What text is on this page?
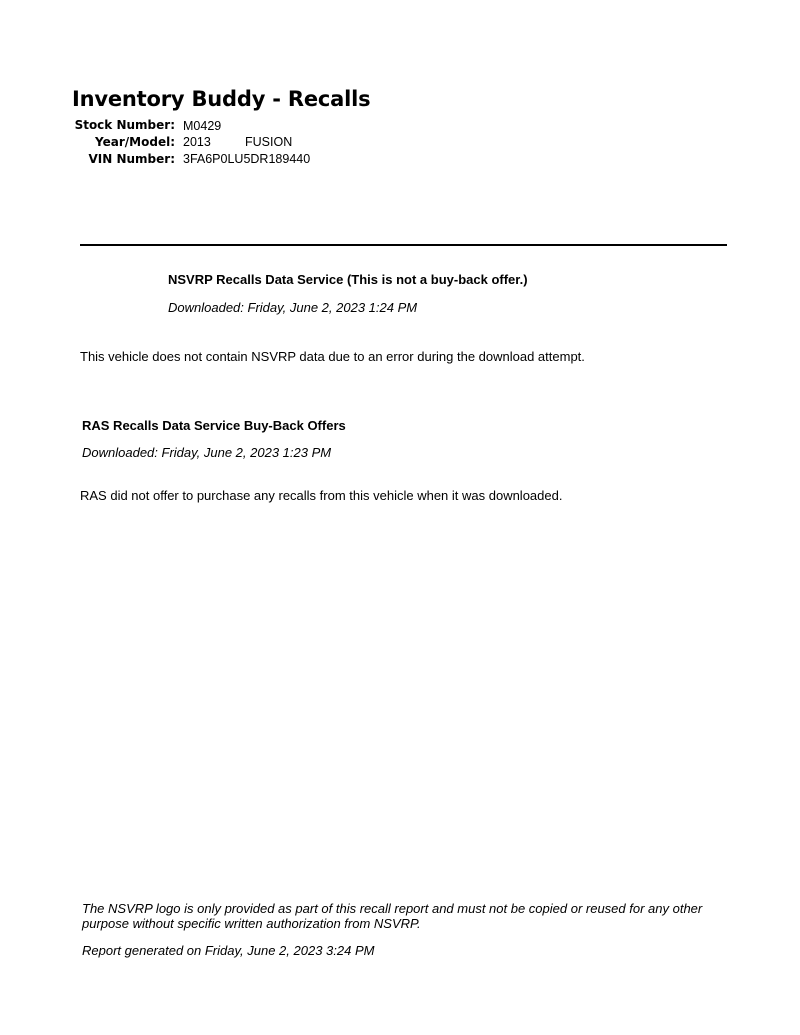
Inventory Buddy - Recalls
Stock Number: M0429
Year/Model: 2013	FUSION
VIN Number: 3FA6P0LU5DR189440
NSVRP Recalls Data Service (This is not a buy-back offer.)
Downloaded: Friday, June 2, 2023 1:24 PM
This vehicle does not contain NSVRP data due to an error during the download attempt.
RAS Recalls Data Service Buy-Back Offers
Downloaded: Friday, June 2, 2023 1:23 PM
RAS did not offer to purchase any recalls from this vehicle when it was downloaded.
The NSVRP logo is only provided as part of this recall report and must not be copied or reused for any other purpose without specific written authorization from NSVRP.
Report generated on Friday, June 2, 2023 3:24 PM
